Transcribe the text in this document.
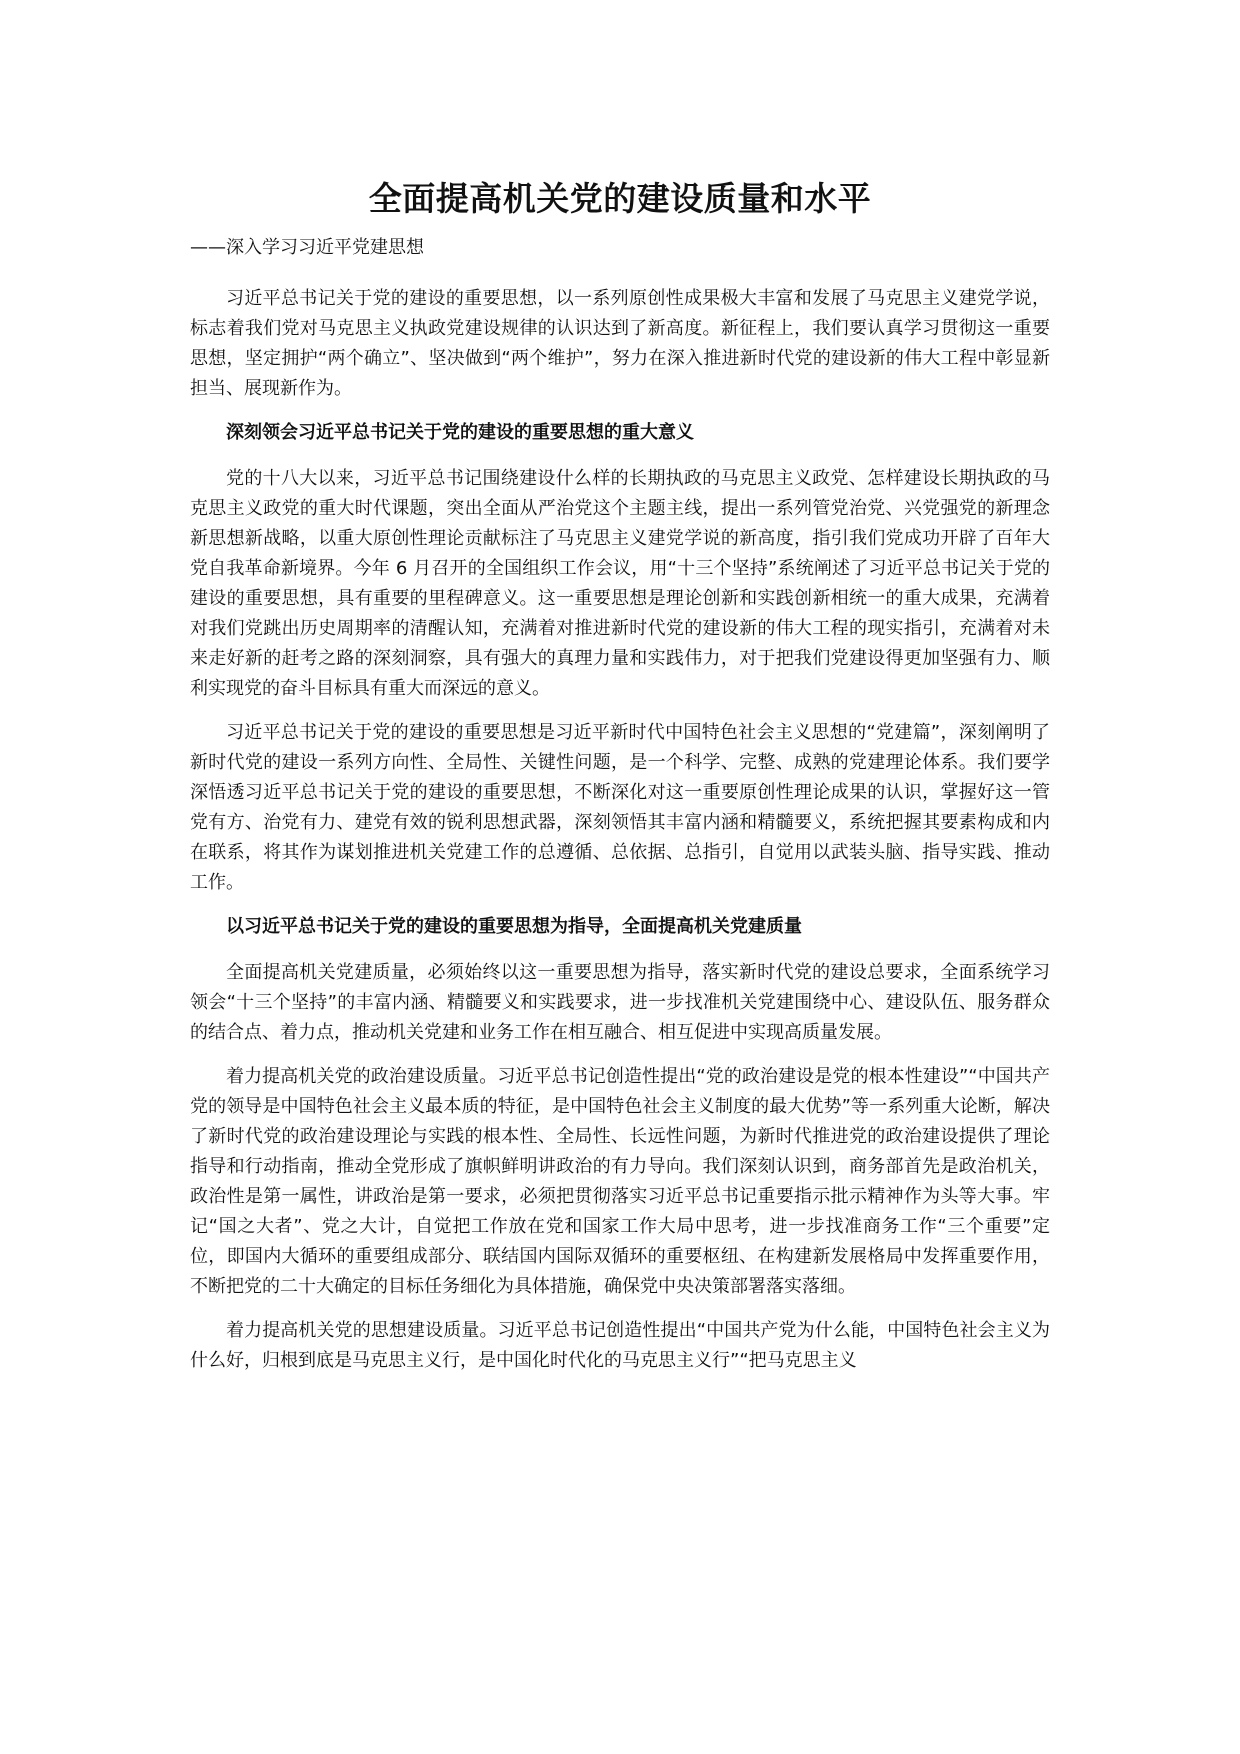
全面提高机关党的建设质量和水平
——深入学习习近平党建思想

习近平总书记关于党的建设的重要思想，以一系列原创性成果极大丰富和发展了马克思主义建党学说，标志着我们党对马克思主义执政党建设规律的认识达到了新高度。新征程上，我们要认真学习贯彻这一重要思想，坚定拥护“两个确立”、坚决做到“两个维护”，努力在深入推进新时代党的建设新的伟大工程中彰显新担当、展现新作为。

深刻领会习近平总书记关于党的建设的重要思想的重大意义

党的十八大以来，习近平总书记围绕建设什么样的长期执政的马克思主义政党、怎样建设长期执政的马克思主义政党的重大时代课题，突出全面从严治党这个主题主线，提出一系列管党治党、兴党强党的新理念新思想新战略，以重大原创性理论贡献标注了马克思主义建党学说的新高度，指引我们党成功开辟了百年大党自我革命新境界。今年 6 月召开的全国组织工作会议，用“十三个坚持”系统阐述了习近平总书记关于党的建设的重要思想，具有重要的里程碑意义。这一重要思想是理论创新和实践创新相统一的重大成果，充满着对我们党跳出历史周期率的清醒认知，充满着对推进新时代党的建设新的伟大工程的现实指引，充满着对未来走好新的赶考之路的深刻洞察，具有强大的真理力量和实践伟力，对于把我们党建设得更加坚强有力、顺利实现党的奋斗目标具有重大而深远的意义。

习近平总书记关于党的建设的重要思想是习近平新时代中国特色社会主义思想的“党建篇”，深刻阐明了新时代党的建设一系列方向性、全局性、关键性问题，是一个科学、完整、成熟的党建理论体系。我们要学深悟透习近平总书记关于党的建设的重要思想，不断深化对这一重要原创性理论成果的认识，掌握好这一管党有方、治党有力、建党有效的锐利思想武器，深刻领悟其丰富内涵和精髓要义，系统把握其要素构成和内在联系，将其作为谋划推进机关党建工作的总遵循、总依据、总指引，自觉用以武装头脑、指导实践、推动工作。

以习近平总书记关于党的建设的重要思想为指导，全面提高机关党建质量

全面提高机关党建质量，必须始终以这一重要思想为指导，落实新时代党的建设总要求，全面系统学习领会“十三个坚持”的丰富内涵、精髓要义和实践要求，进一步找准机关党建围绕中心、建设队伍、服务群众的结合点、着力点，推动机关党建和业务工作在相互融合、相互促进中实现高质量发展。

着力提高机关党的政治建设质量。习近平总书记创造性提出“党的政治建设是党的根本性建设”“中国共产党的领导是中国特色社会主义最本质的特征，是中国特色社会主义制度的最大优势”等一系列重大论断，解决了新时代党的政治建设理论与实践的根本性、全局性、长远性问题，为新时代推进党的政治建设提供了理论指导和行动指南，推动全党形成了旗帜鲜明讲政治的有力导向。我们深刻认识到，商务部首先是政治机关，政治性是第一属性，讲政治是第一要求，必须把贯彻落实习近平总书记重要指示批示精神作为头等大事。牢记“国之大者”、党之大计，自觉把工作放在党和国家工作大局中思考，进一步找准商务工作“三个重要”定位，即国内大循环的重要组成部分、联结国内国际双循环的重要枢纽、在构建新发展格局中发挥重要作用，不断把党的二十大确定的目标任务细化为具体措施，确保党中央决策部署落实落细。

着力提高机关党的思想建设质量。习近平总书记创造性提出“中国共产党为什么能，中国特色社会主义为什么好，归根到底是马克思主义行，是中国化时代化的马克思主义行”“把马克思主义
